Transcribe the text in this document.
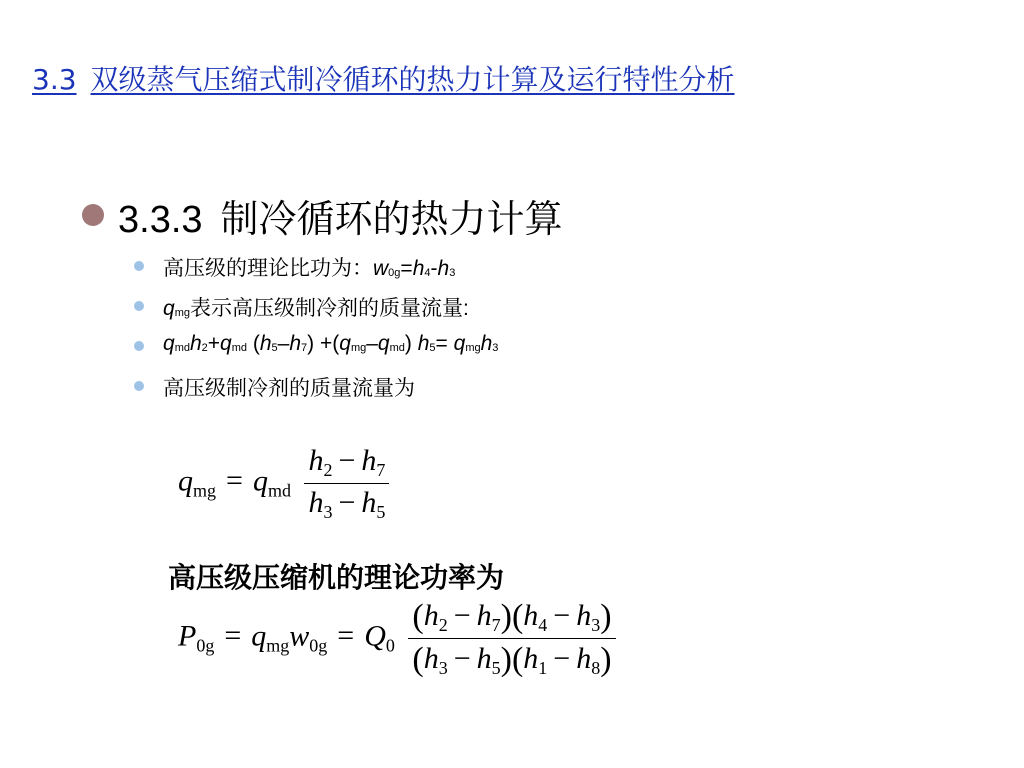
3.3 双级蒸气压缩式制冷循环的热力计算及运行特性分析
3.3.3 制冷循环的热力计算
高压级的理论比功为：w0g=h4-h3
qmg表示高压级制冷剂的质量流量:
qmdh2+qmd (h5–h7) +(qmg–qmd) h5= qmgh3
高压级制冷剂的质量流量为
$q_{mg} = q_{md} \frac{h_2 - h_7}{h_3 - h_5}$
高压级压缩机的理论功率为
$P_{0g} = q_{mg}w_{0g} = Q_0 \frac{(h_2 - h_7)(h_4 - h_3)}{(h_3 - h_5)(h_1 - h_8)}$
